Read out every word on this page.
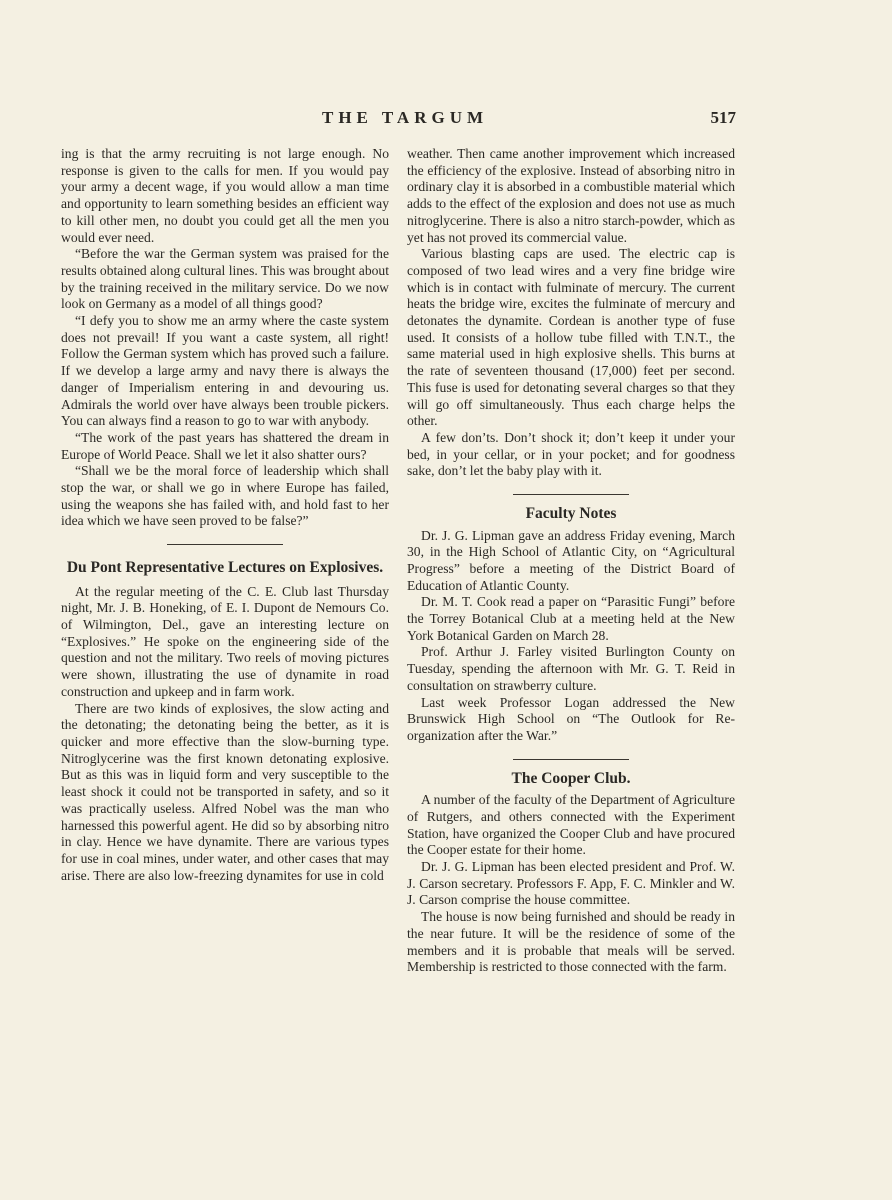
THE TARGUM	517

ing is that the army recruiting is not large enough. No response is given to the calls for men. If you would pay your army a decent wage, if you would allow a man time and opportunity to learn something besides an efficient way to kill other men, no doubt you could get all the men you would ever need.

“Before the war the German system was praised for the results obtained along cultural lines. This was brought about by the training received in the military service. Do we now look on Germany as a model of all things good?

“I defy you to show me an army where the caste system does not prevail! If you want a caste system, all right! Follow the German system which has proved such a failure. If we develop a large army and navy there is always the danger of Imperialism entering in and devouring us. Admirals the world over have always been trouble pickers. You can always find a reason to go to war with anybody.

“The work of the past years has shattered the dream in Europe of World Peace. Shall we let it also shatter ours?

“Shall we be the moral force of leadership which shall stop the war, or shall we go in where Europe has failed, using the weapons she has failed with, and hold fast to her idea which we have seen proved to be false?”

Du Pont Representative Lectures on Explosives.

At the regular meeting of the C. E. Club last Thursday night, Mr. J. B. Honeking, of E. I. Dupont de Nemours Co. of Wilmington, Del., gave an interesting lecture on “Explosives.” He spoke on the engineering side of the question and not the military. Two reels of moving pictures were shown, illustrating the use of dynamite in road construction and upkeep and in farm work.

There are two kinds of explosives, the slow acting and the detonating; the detonating being the better, as it is quicker and more effective than the slow-burning type. Nitroglycerine was the first known detonating explosive. But as this was in liquid form and very susceptible to the least shock it could not be transported in safety, and so it was practically useless. Alfred Nobel was the man who harnessed this powerful agent. He did so by absorbing nitro in clay. Hence we have dynamite. There are various types for use in coal mines, under water, and other cases that may arise. There are also low-freezing dynamites for use in cold

weather. Then came another improvement which increased the efficiency of the explosive. Instead of absorbing nitro in ordinary clay it is absorbed in a combustible material which adds to the effect of the explosion and does not use as much nitroglycerine. There is also a nitro starch-powder, which as yet has not proved its commercial value.

Various blasting caps are used. The electric cap is composed of two lead wires and a very fine bridge wire which is in contact with fulminate of mercury. The current heats the bridge wire, excites the fulminate of mercury and detonates the dynamite. Cordean is another type of fuse used. It consists of a hollow tube filled with T.N.T., the same material used in high explosive shells. This burns at the rate of seventeen thousand (17,000) feet per second. This fuse is used for detonating several charges so that they will go off simultaneously. Thus each charge helps the other.

A few don’ts. Don’t shock it; don’t keep it under your bed, in your cellar, or in your pocket; and for goodness sake, don’t let the baby play with it.

Faculty Notes

Dr. J. G. Lipman gave an address Friday evening, March 30, in the High School of Atlantic City, on “Agricultural Progress” before a meeting of the District Board of Education of Atlantic County.

Dr. M. T. Cook read a paper on “Parasitic Fungi” before the Torrey Botanical Club at a meeting held at the New York Botanical Garden on March 28.

Prof. Arthur J. Farley visited Burlington County on Tuesday, spending the afternoon with Mr. G. T. Reid in consultation on strawberry culture.

Last week Professor Logan addressed the New Brunswick High School on “The Outlook for Re-organization after the War.”

The Cooper Club.

A number of the faculty of the Department of Agriculture of Rutgers, and others connected with the Experiment Station, have organized the Cooper Club and have procured the Cooper estate for their home.

Dr. J. G. Lipman has been elected president and Prof. W. J. Carson secretary. Professors F. App, F. C. Minkler and W. J. Carson comprise the house committee.

The house is now being furnished and should be ready in the near future. It will be the residence of some of the members and it is probable that meals will be served. Membership is restricted to those connected with the farm.
